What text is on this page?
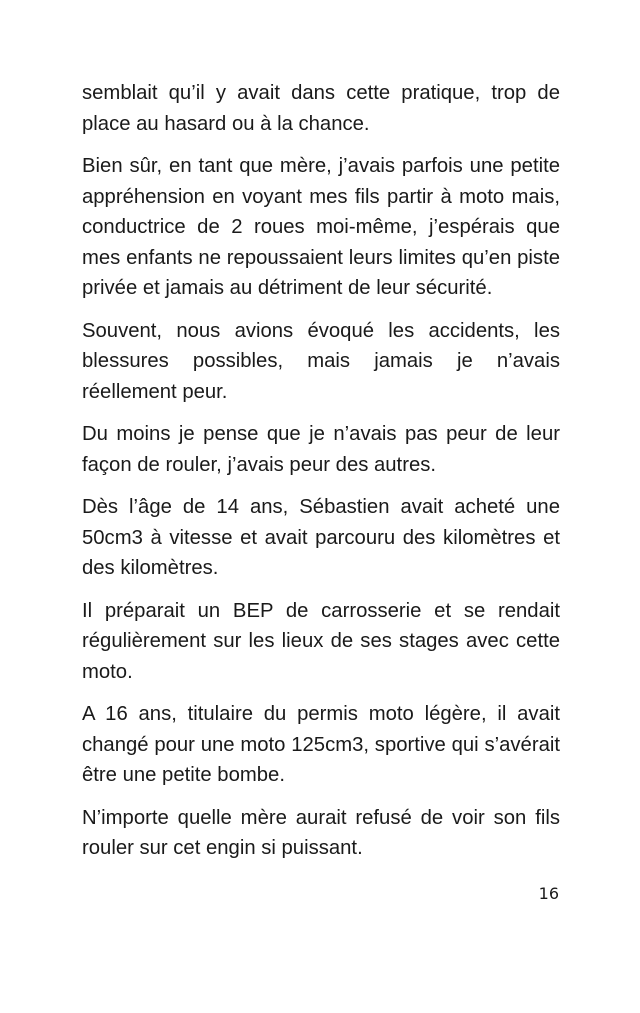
semblait qu’il y avait dans cette pratique, trop de place au hasard ou à la chance.

Bien sûr, en tant que mère, j’avais parfois une petite appréhension en voyant mes fils partir à moto mais, conductrice de 2 roues moi-même, j’espérais que mes enfants ne repoussaient leurs limites qu’en piste privée et jamais au détriment de leur sécurité.

Souvent, nous avions évoqué les accidents, les blessures possibles, mais jamais je n’avais réellement peur.

Du moins je pense que je n’avais pas peur de leur façon de rouler, j’avais peur des autres.

Dès l’âge de 14 ans, Sébastien avait acheté une 50cm3 à vitesse et avait parcouru des kilomètres et des kilomètres.

Il préparait un BEP de carrosserie et se rendait régulièrement sur les lieux de ses stages avec cette moto.

A 16 ans, titulaire du permis moto légère, il avait changé pour une moto 125cm3, sportive qui s’avérait être une petite bombe.

N’importe quelle mère aurait refusé de voir son fils rouler sur cet engin si puissant.

16
